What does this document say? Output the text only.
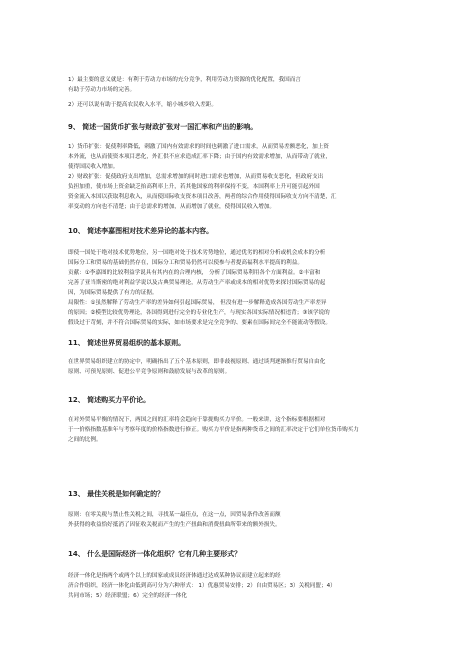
1）最主要的意义就是：有利于劳动力市场的充分竞争，利用劳动力资源的优化配置，我国而言
有助于劳动力市场的完善。
2）还可以说有助于提高农民收入水平，缩小城乡收入差距。
9、 简述一国货币扩张与财政扩张对一国汇率和产出的影响。
1）货币扩张：促使利率降低，刺激了国内有效需求的时间也刺激了进口需求，从而贸易差额恶化，加上资
本外流，也从而使资本项目恶化，外汇供不应求造成汇率下降；由于国内有效需求增加，从而带动了就业，
使得国民收入增加。
2）财政扩张：促使政府支出增加，总需求增加的同时进口需求也增加，从而贸易收支恶化，但政府支出
负担加重，使市场上资金缺乏抬高利率上升，若其他国家的利率保持不变，本国利率上升可能引起外国
资金流入本国以获取利息收入，从而使国际收支资本项目改善，两者的综合作用使得国际收支方向不清楚，汇
率变动的方向也不清楚；由于总需求的增加，从而增加了就业，使得国民收入增加。
10、 简述李嘉图相对技术差异论的基本内容。
即使一国处于绝对技术优势地位，另一国绝对处于技术劣势地位，通过优劣的相对分析或机会成本的分析
国际分工和贸易的基础仍然存在，国际分工和贸易仍然可以使参与者提高福利水平提高的利益。
贡献：①李嘉图的比较利益学说具有其内在的合理内核， 分析了国际贸易利用各个方面利益。②丰富和
完善了亚当斯密的绝对利益学说以及古典贸易理论，从劳动生产率或成本的相对优势来探讨国际贸易的起
因，为国际贸易提供了有力的证据。
局限性：①虽然解释了劳动生产率的差异如何引起国际贸易， 但没有进一步解释造成各国劳动生产率差异
的原因；②模型比较优势理论，各国得到进行完全的专业化生产，与现实各国实际情况相违背；③该学说的
假设过于苛刻，并不符合国际贸易的实际，如市场要求是完全竞争的、要素在国际间完全不能流动等假设。
11、 简述世界贸易组织的基本原则。
在世界贸易组织建立的协定中，明确指出了五个基本原则，即非歧视原则、通过谈判逐渐推行贸易自由化
原则、可预见原则、促进公平竞争原则和鼓励发展与改革的原则。
12、 简述购买力平价论。
在对外贸易平衡的情况下，两国之间的汇率将会趋向于靠拢购买力平价。一般来讲，这个指标要根据相对
于一价格指数基准年与考察年度的价格指数进行修正。购买力平价是指两种货币之间的汇率决定于它们单位货币购买力
之间的比例。
13、 最佳关税是如何确定的？
原则：在零关税与禁止性关税之间，寻找某一最佳点，在这一点，因贸易条件改善而额
外获得的收益恰好抵消了因征收关税而产生的生产扭曲和消费扭曲所带来的额外损失。
14、 什么是国际经济一体化组织？它有几种主要形式？
经济一体化是指两个或两个以上的国家或成员经济体通过达成某种协议而建立起来的经
济合作组织，经济一体化由低到高可分为六种形式： 1）优惠贸易安排；2）自由贸易区；3）关税同盟；4）
共同市场；5）经济联盟；6）完全的经济一体化
